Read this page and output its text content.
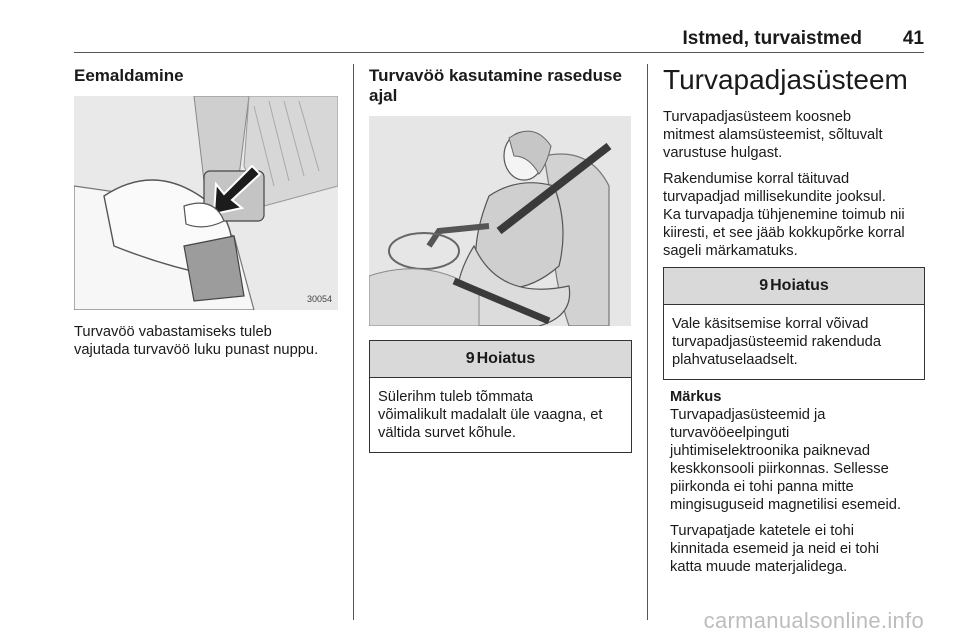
Istmed, turvaistmed 41
Eemaldamine
30054

Turvavöö vabastamiseks tuleb

vajutada turvavöö luku punast nuppu.

Turvavöö kasutamine raseduse
ajal
9 Hoiatus
Sülerihm tuleb tõmmata
võimalikult madalalt üle vaagna, et
vältida survet kõhule.
Turvapadjasüsteem

Turvapadjasüsteem koosneb

mitmest alamsüsteemist, sõltuvalt

varustuse hulgast.

Rakendumise korral täituvad

turvapadjad millisekundite jooksul.

Ka turvapadja tühjenemine toimub nii

kiiresti, et see jääb kokkupõrke korral

sageli märkamatuks.

9 Hoiatus
Vale käsitsemise korral võivad
turvapadjasüsteemid rakenduda
plahvatuselaadselt.

Märkus

Turvapadjasüsteemid ja

turvavööeelpinguti

juhtimiselektroonika paiknevad

keskkonsooli piirkonnas. Sellesse

piirkonda ei tohi panna mitte

mingisuguseid magnetilisi esemeid.

Turvapatjade katetele ei tohi

kinnitada esemeid ja neid ei tohi

katta muude materjalidega.

carmanualsonline.info
